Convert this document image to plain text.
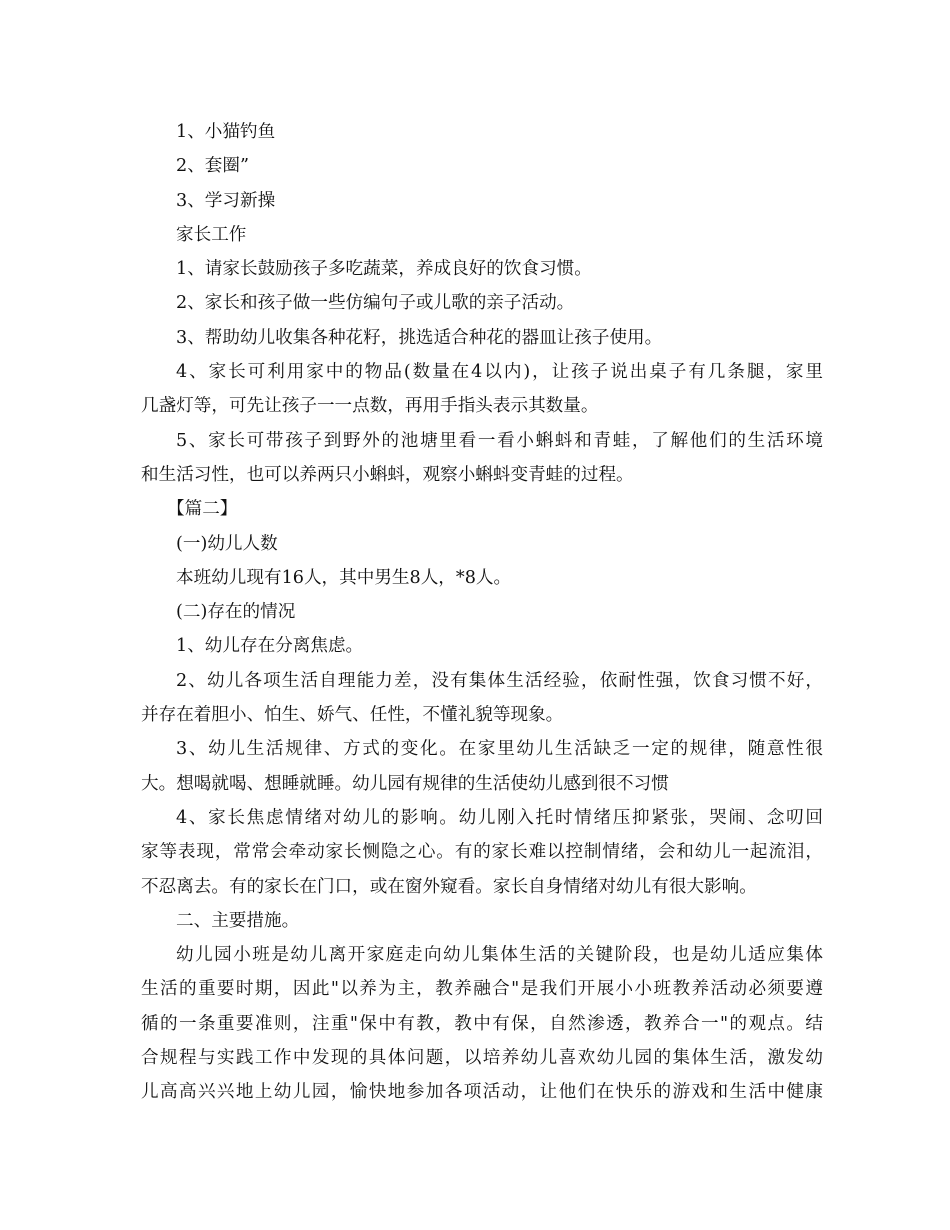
1、小猫钓鱼
2、套圈”
3、学习新操
家长工作
1、请家长鼓励孩子多吃蔬菜，养成良好的饮食习惯。
2、家长和孩子做一些仿编句子或儿歌的亲子活动。
3、帮助幼儿收集各种花籽，挑选适合种花的器皿让孩子使用。
4、家长可利用家中的物品(数量在4以内)，让孩子说出桌子有几条腿，家里
几盏灯等，可先让孩子一一点数，再用手指头表示其数量。
5、家长可带孩子到野外的池塘里看一看小蝌蚪和青蛙，了解他们的生活环境
和生活习性，也可以养两只小蝌蚪，观察小蝌蚪变青蛙的过程。
【篇二】
(一)幼儿人数
本班幼儿现有16人，其中男生8人，*8人。
(二)存在的情况
1、幼儿存在分离焦虑。
2、幼儿各项生活自理能力差，没有集体生活经验，依耐性强，饮食习惯不好，
并存在着胆小、怕生、娇气、任性，不懂礼貌等现象。
3、幼儿生活规律、方式的变化。在家里幼儿生活缺乏一定的规律，随意性很
大。想喝就喝、想睡就睡。幼儿园有规律的生活使幼儿感到很不习惯
4、家长焦虑情绪对幼儿的影响。幼儿刚入托时情绪压抑紧张，哭闹、念叨回
家等表现，常常会牵动家长恻隐之心。有的家长难以控制情绪，会和幼儿一起流泪，
不忍离去。有的家长在门口，或在窗外窥看。家长自身情绪对幼儿有很大影响。
二、主要措施。
幼儿园小班是幼儿离开家庭走向幼儿集体生活的关键阶段，也是幼儿适应集体
生活的重要时期，因此"以养为主，教养融合"是我们开展小小班教养活动必须要遵
循的一条重要准则，注重"保中有教，教中有保，自然渗透，教养合一"的观点。结
合规程与实践工作中发现的具体问题，以培养幼儿喜欢幼儿园的集体生活，激发幼
儿高高兴兴地上幼儿园，愉快地参加各项活动，让他们在快乐的游戏和生活中健康
